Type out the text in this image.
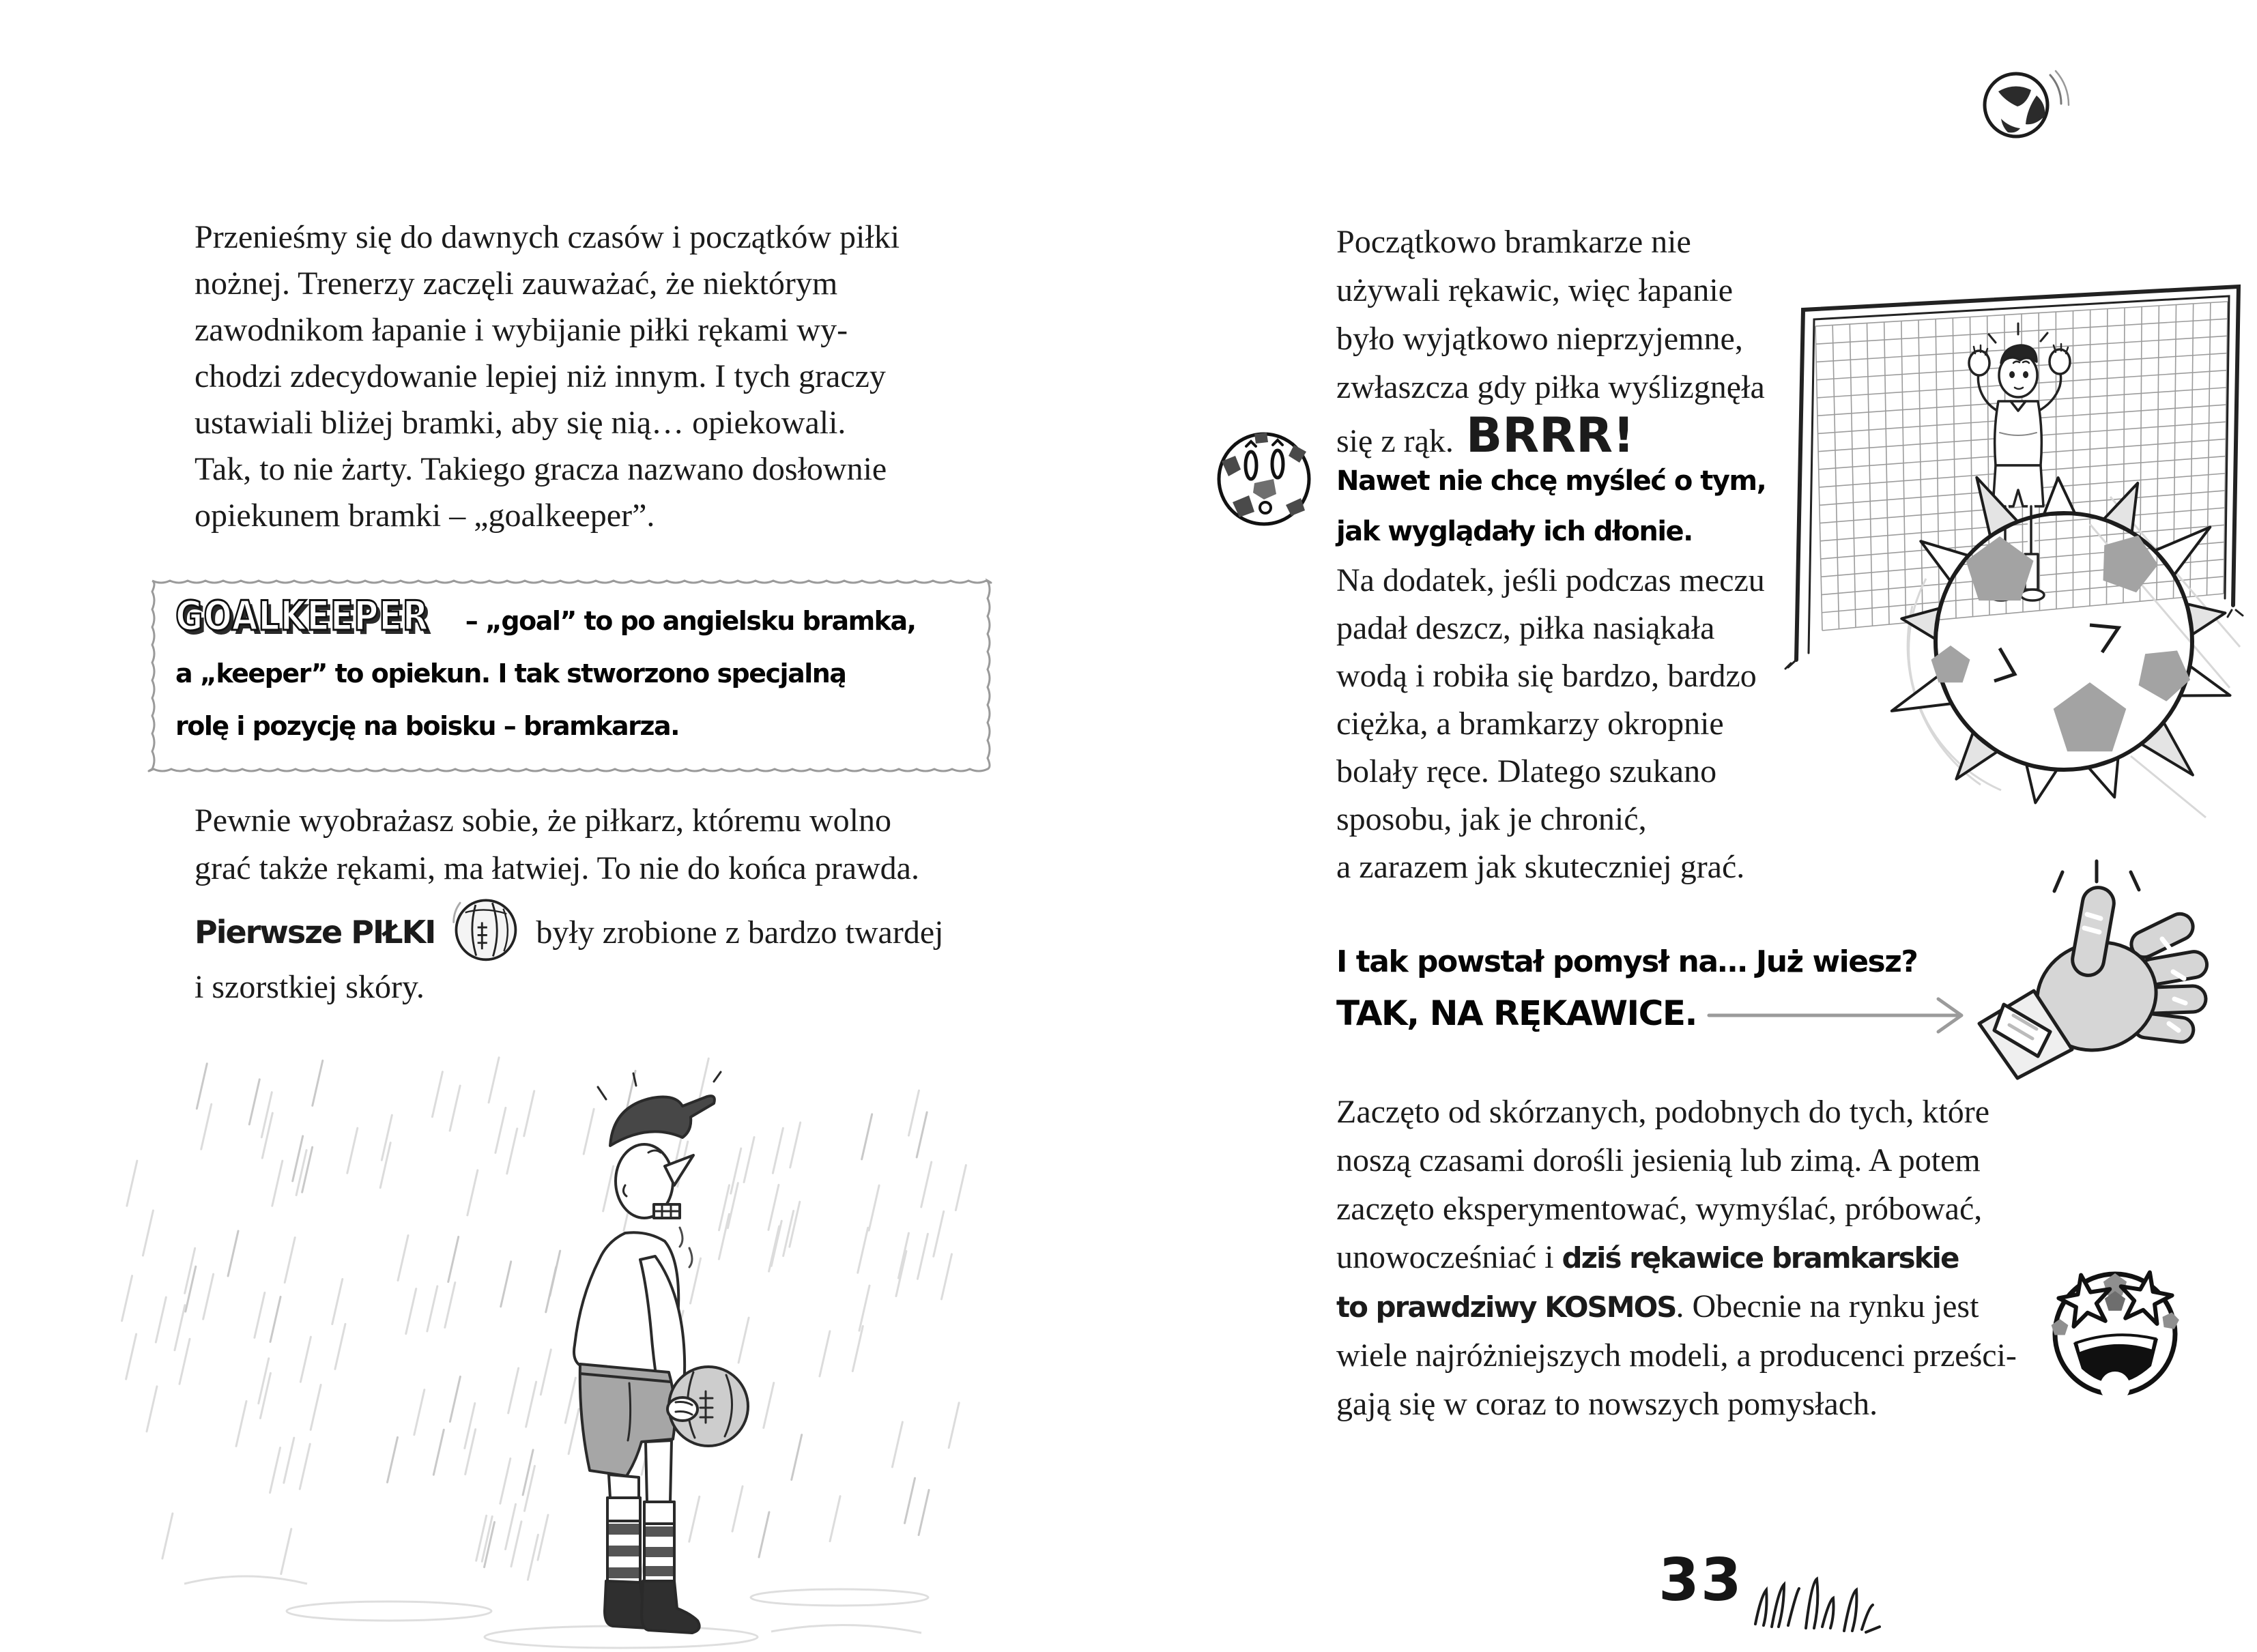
Przenieśmy się do dawnych czasów i początków piłki
nożnej. Trenerzy zaczęli zauważać, że niektórym
zawodnikom łapanie i wybijanie piłki rękami wy-
chodzi zdecydowanie lepiej niż innym. I tych graczy
ustawiali bliżej bramki, aby się nią… opiekowali.
Tak, to nie żarty. Takiego gracza nazwano dosłownie
opiekunem bramki – „goalkeeper”.
GOALKEEPER – „goal” to po angielsku bramka,
a „keeper” to opiekun. I tak stworzono specjalną
rolę i pozycję na boisku – bramkarza.
Pewnie wyobrażasz sobie, że piłkarz, któremu wolno
grać także rękami, ma łatwiej. To nie do końca prawda.
Pierwsze PIŁKI	były zrobione z bardzo twardej
i szorstkiej skóry.
Początkowo bramkarze nie
używali rękawic, więc łapanie
było wyjątkowo nieprzyjemne,
zwłaszcza gdy piłka wyślizgnęła
się z rąk. BRRR!
Nawet nie chcę myśleć o tym,
jak wyglądały ich dłonie.
Na dodatek, jeśli podczas meczu
padał deszcz, piłka nasiąkała
wodą i robiła się bardzo, bardzo
ciężka, a bramkarzy okropnie
bolały ręce. Dlatego szukano
sposobu, jak je chronić,
a zarazem jak skuteczniej grać.
I tak powstał pomysł na… Już wiesz?
TAK, NA RĘKAWICE.
Zaczęto od skórzanych, podobnych do tych, które
noszą czasami dorośli jesienią lub zimą. A potem
zaczęto eksperymentować, wymyślać, próbować,
unowocześniać i dziś rękawice bramkarskie
to prawdziwy KOSMOS. Obecnie na rynku jest
wiele najróżniejszych modeli, a producenci prześci-
gają się w coraz to nowszych pomysłach.
33
